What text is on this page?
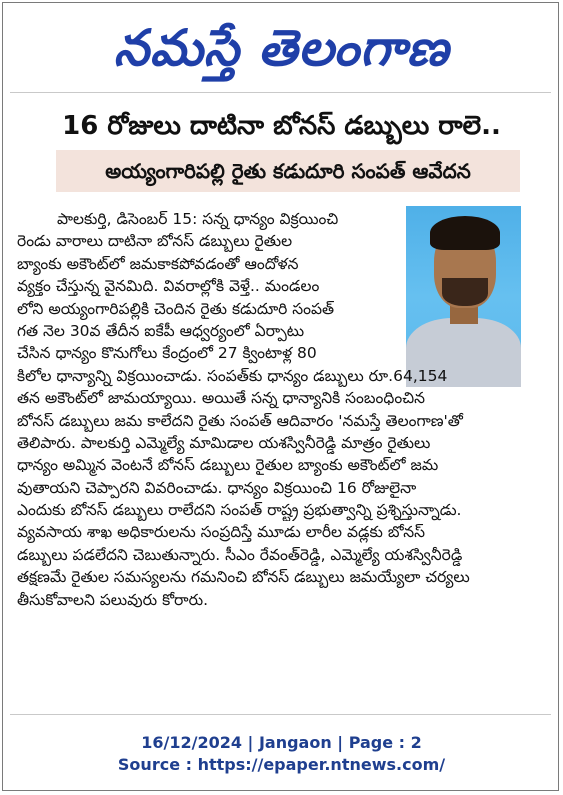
నమస్తే తెలంగాణ
16 రోజులు దాటినా బోనస్ డబ్బులు రాలె..
అయ్యంగారిపల్లి రైతు కడుదూరి సంపత్ ఆవేదన
పాలకుర్తి, డిసెంబర్ 15: సన్న ధాన్యం విక్రయించి
రెండు వారాలు దాటినా బోనస్ డబ్బులు రైతుల
బ్యాంకు అకౌంట్‌లో జమకాకపోవడంతో ఆందోళన
వ్యక్తం చేస్తున్న వైనమిది. వివరాల్లోకి వెళ్తే.. మండలం
లోని అయ్యంగారిపల్లికి చెందిన రైతు కడుదూరి సంపత్
గత నెల 30వ తేదీన ఐకేపీ ఆధ్వర్యంలో ఏర్పాటు
చేసిన ధాన్యం కొనుగోలు కేంద్రంలో 27 క్వింటాళ్ల 80
కిలోల ధాన్యాన్ని విక్రయించాడు. సంపత్‌కు ధాన్యం డబ్బులు రూ.64,154
తన అకౌంట్‌లో జామయ్యాయి. అయితే సన్న ధాన్యానికి సంబంధించిన
బోనస్ డబ్బులు జమ కాలేదని రైతు సంపత్ ఆదివారం 'నమస్తే తెలంగాణ'తో
తెలిపారు. పాలకుర్తి ఎమ్మెల్యే మామిడాల యశస్వినీరెడ్డి మాత్రం రైతులు
ధాన్యం అమ్మిన వెంటనే బోనస్ డబ్బులు రైతుల బ్యాంకు అకౌంట్‌లో జమ
వుతాయని చెప్పారని వివరించాడు. ధాన్యం విక్రయించి 16 రోజులైనా
ఎందుకు బోనస్ డబ్బులు రాలేదని సంపత్ రాష్ట్ర ప్రభుత్వాన్ని ప్రశ్నిస్తున్నాడు.
వ్యవసాయ శాఖ అధికారులను సంప్రదిస్తే మూడు లారీల వడ్లకు బోనస్
డబ్బులు పడలేదని చెబుతున్నారు. సీఎం రేవంత్‌రెడ్డి, ఎమ్మెల్యే యశస్వినీరెడ్డి
తక్షణమే రైతుల సమస్యలను గమనించి బోనస్ డబ్బులు జమయ్యేలా చర్యలు
తీసుకోవాలని పలువురు కోరారు.
16/12/2024 | Jangaon | Page : 2
Source : https://epaper.ntnews.com/
